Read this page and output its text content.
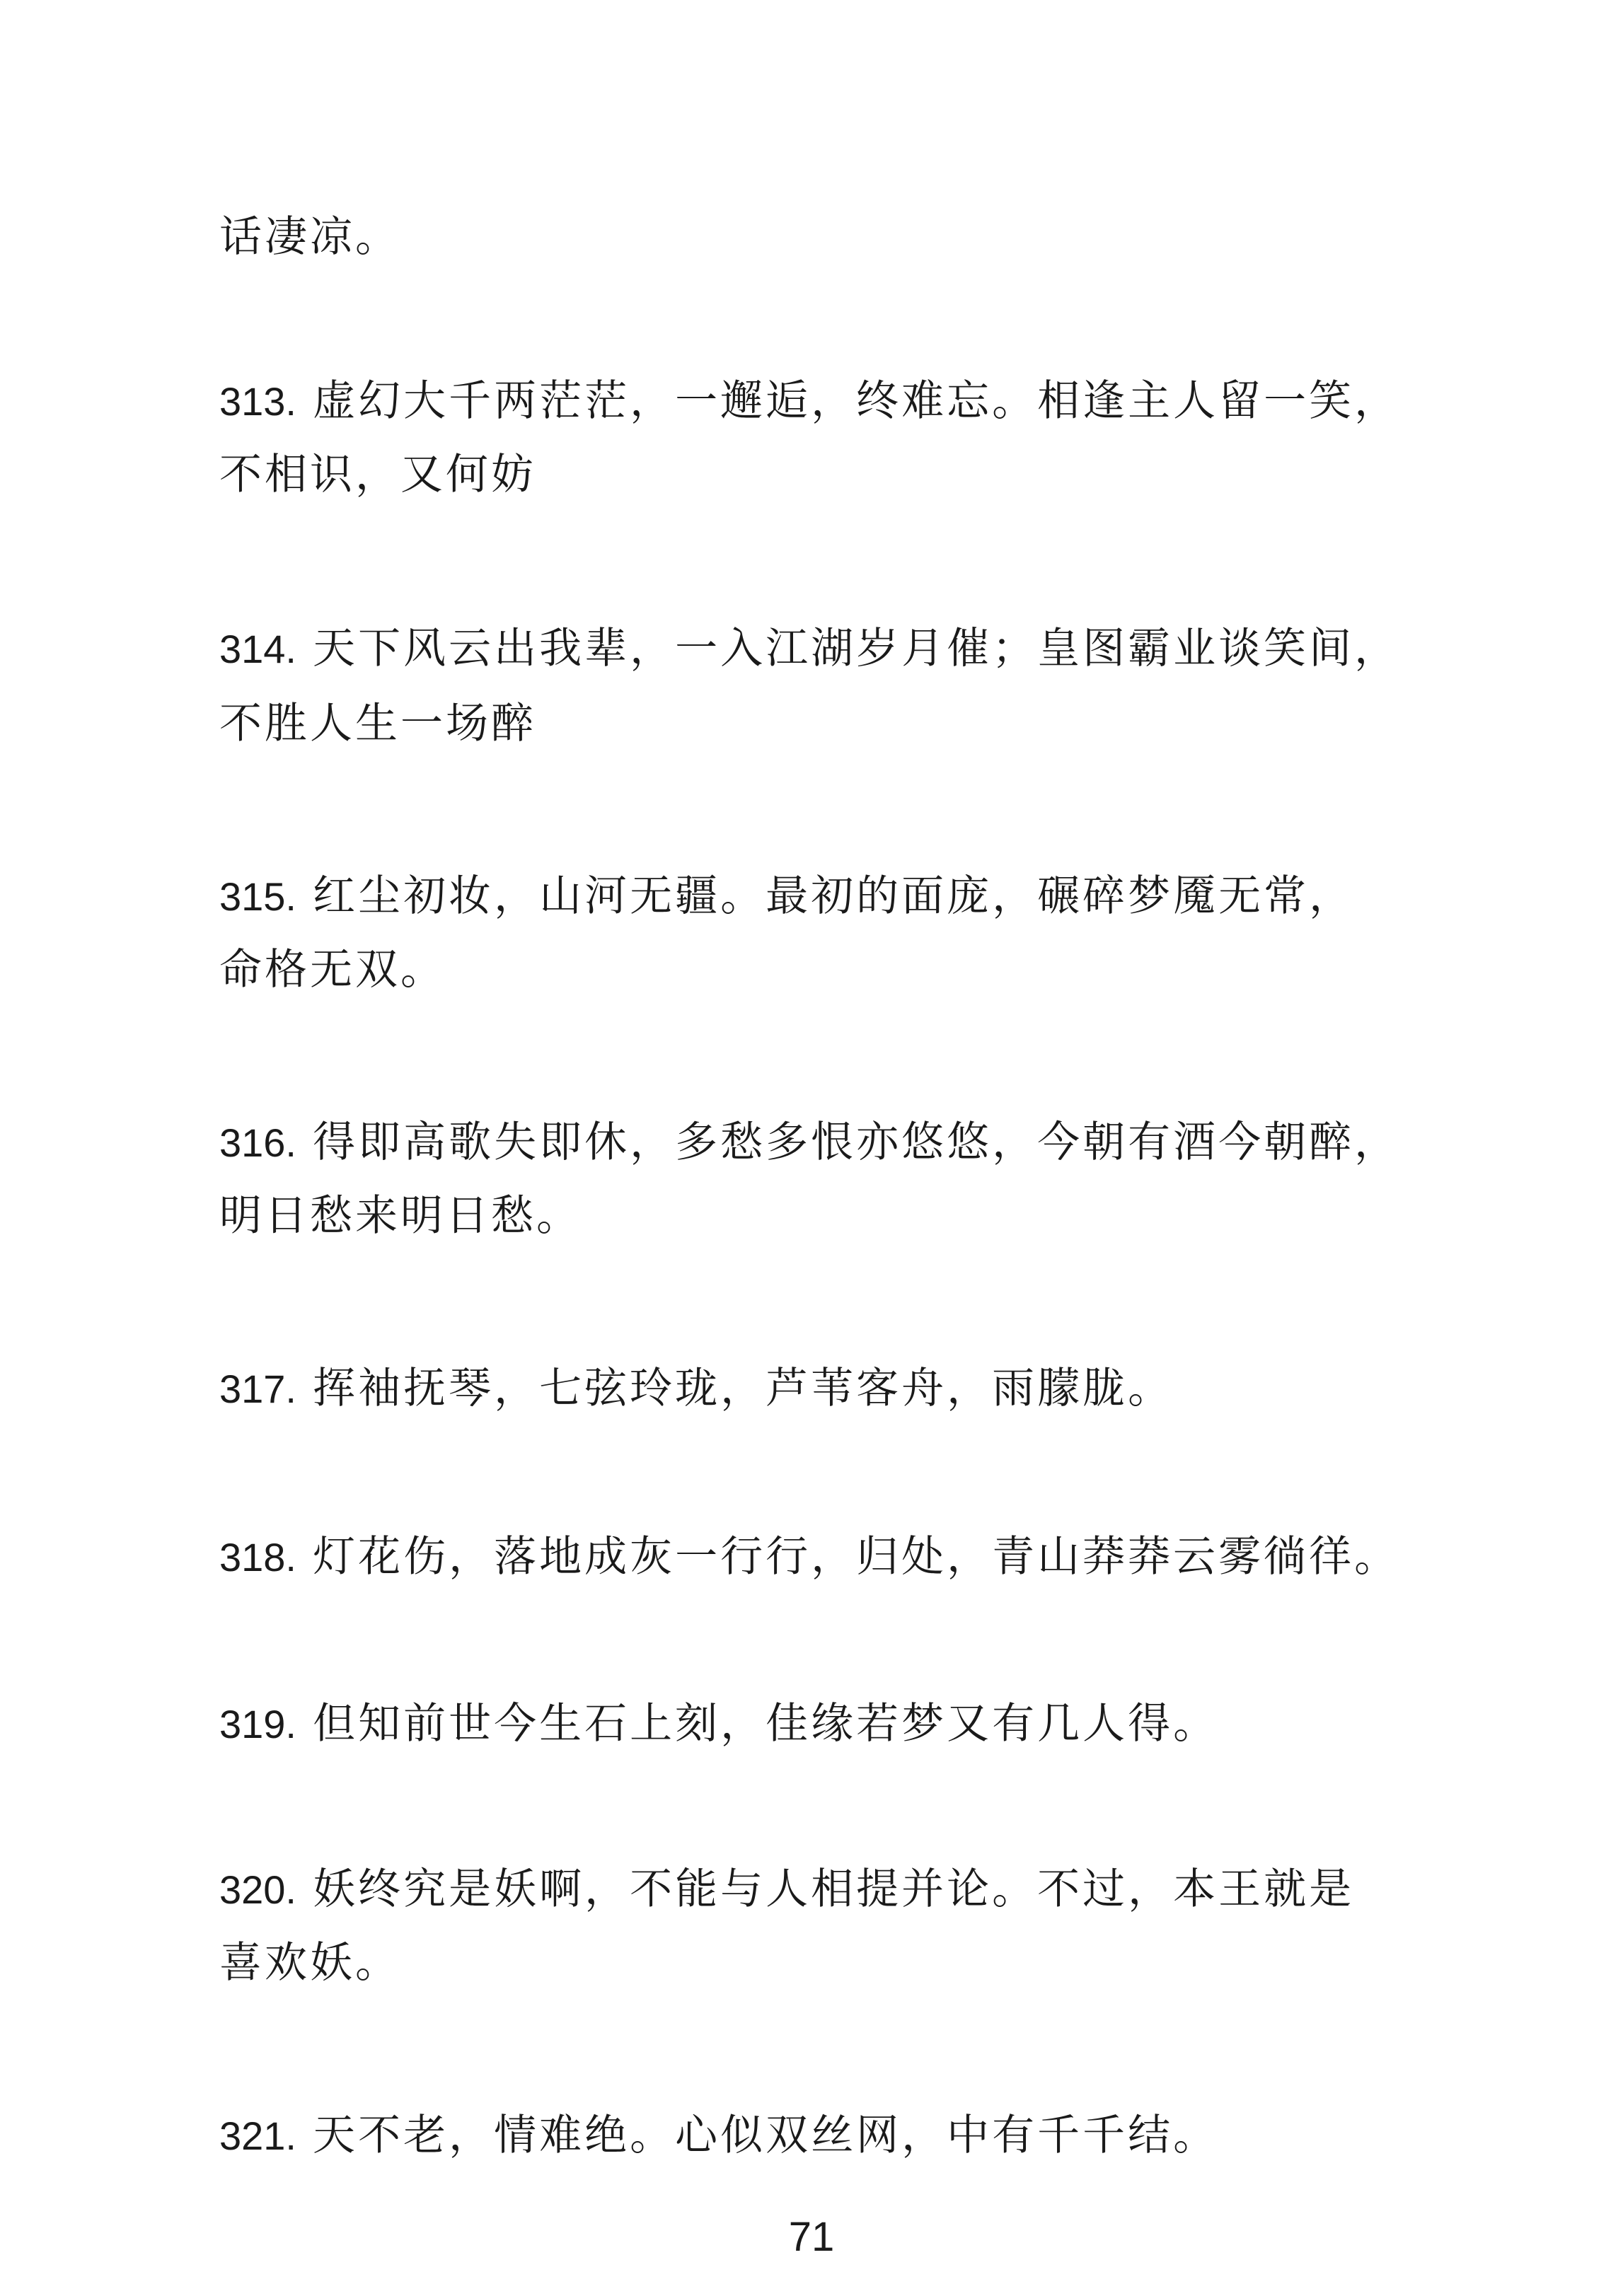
话凄凉。

313. 虚幻大千两茫茫，一邂逅，终难忘。相逢主人留一笑，

不相识，又何妨

314. 天下风云出我辈，一入江湖岁月催；皇图霸业谈笑间，

不胜人生一场醉

315. 红尘初妆，山河无疆。最初的面庞，碾碎梦魇无常，

命格无双。

316. 得即高歌失即休，多愁多恨亦悠悠，今朝有酒今朝醉，

明日愁来明日愁。

317. 挥袖抚琴，七弦玲珑，芦苇客舟，雨朦胧。

318. 灯花伤，落地成灰一行行，归处，青山莽莽云雾徜徉。

319. 但知前世今生石上刻，佳缘若梦又有几人得。

320. 妖终究是妖啊，不能与人相提并论。不过，本王就是

喜欢妖。

321. 天不老，情难绝。心似双丝网，中有千千结。

71
